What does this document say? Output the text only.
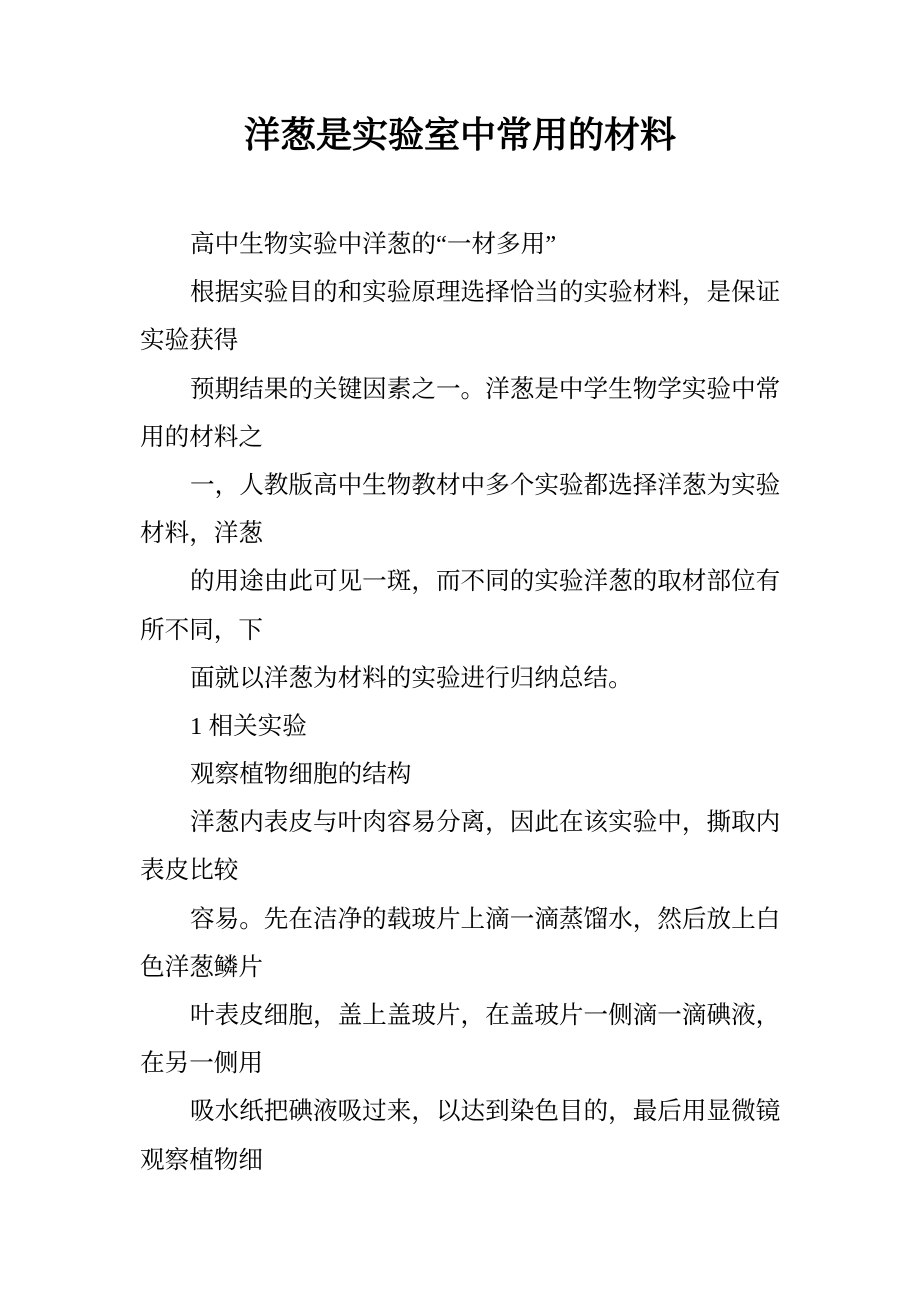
洋葱是实验室中常用的材料
高中生物实验中洋葱的“一材多用”
根据实验目的和实验原理选择恰当的实验材料，是保证
实验获得
预期结果的关键因素之一。洋葱是中学生物学实验中常
用的材料之
一，人教版高中生物教材中多个实验都选择洋葱为实验
材料，洋葱
的用途由此可见一斑，而不同的实验洋葱的取材部位有
所不同，下
面就以洋葱为材料的实验进行归纳总结。
1 相关实验
观察植物细胞的结构
洋葱内表皮与叶肉容易分离，因此在该实验中，撕取内
表皮比较
容易。先在洁净的载玻片上滴一滴蒸馏水，然后放上白
色洋葱鳞片
叶表皮细胞，盖上盖玻片，在盖玻片一侧滴一滴碘液，
在另一侧用
吸水纸把碘液吸过来，以达到染色目的，最后用显微镜
观察植物细
